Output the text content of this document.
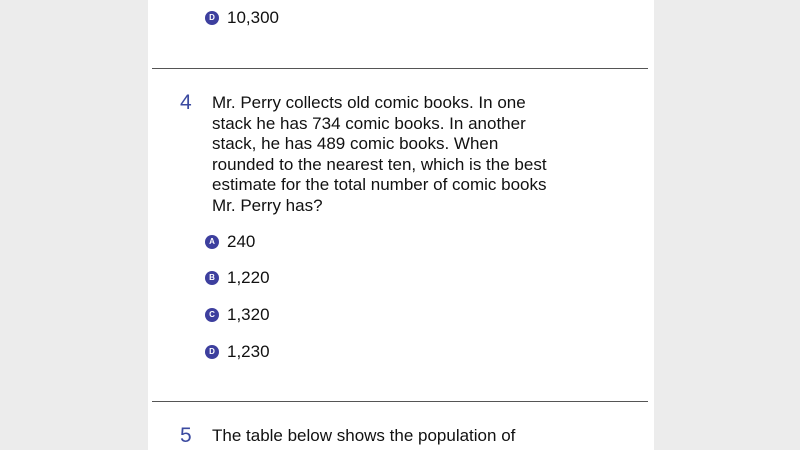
D 10,300
4 Mr. Perry collects old comic books. In one
stack he has 734 comic books. In another
stack, he has 489 comic books. When
rounded to the nearest ten, which is the best
estimate for the total number of comic books
Mr. Perry has?
A 240
B 1,220
C 1,320
D 1,230
5 The table below shows the population of
